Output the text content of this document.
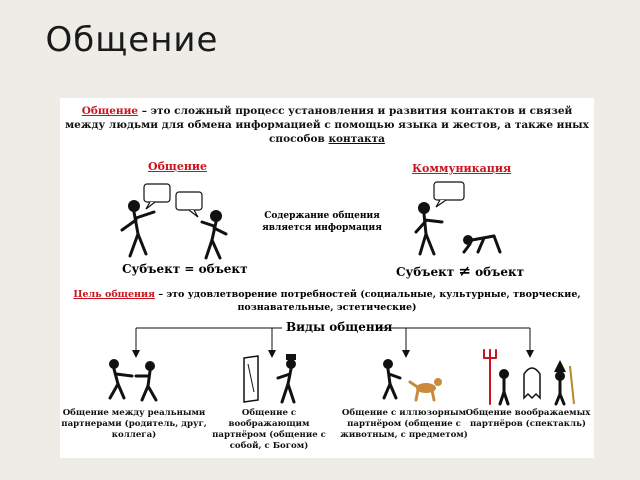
Общение
Общение – это сложный процесс установления и развития контактов и связей между людьми для обмена информацией с помощью языка и жестов, а также иных способов контакта
Общение
Субъект = объект
Содержание общения является информация
Коммуникация
Субъект ≠ объект
Цель общения – это удовлетворение потребностей (социальные, культурные, творческие, познавательные, эстетические)
Виды общения
Общение между реальными партнерами (родитель, друг, коллега)
Общение с воображающим партнёром (общение с собой, с Богом)
Общение с иллюзорным партнёром (общение с животным, с предметом)
Общение воображаемых партнёров (спектакль)
